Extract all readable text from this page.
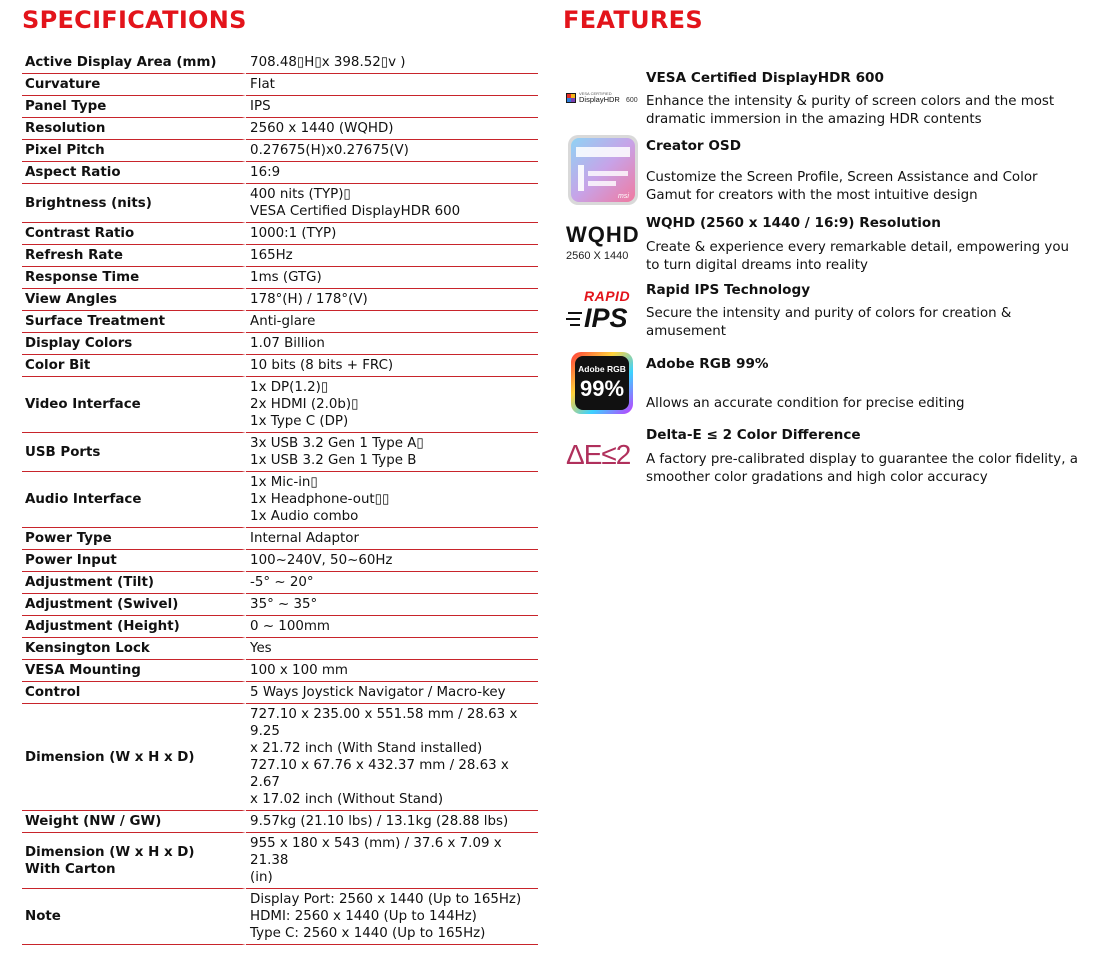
SPECIFICATIONS	FEATURES
Active Display Area (mm)	708.48▯H▯x 398.52▯v )

Curvature	Flat

Panel Type	IPS

Resolution	2560 x 1440 (WQHD)

Pixel Pitch	0.27675(H)x0.27675(V)

Aspect Ratio	16:9

Brightness (nits)	400 nits (TYP)▯
VESA Certified DisplayHDR 600

Contrast Ratio	1000:1 (TYP)

Refresh Rate	165Hz

Response Time	1ms (GTG)

View Angles	178°(H) / 178°(V)

Surface Treatment	Anti-glare

Display Colors	1.07 Billion

Color Bit	10 bits (8 bits + FRC)

Video Interface	1x DP(1.2)▯
2x HDMI (2.0b)▯
1x Type C (DP)

USB Ports	3x USB 3.2 Gen 1 Type A▯
1x USB 3.2 Gen 1 Type B

Audio Interface	1x Mic-in▯
1x Headphone-out▯▯
1x Audio combo

Power Type	Internal Adaptor

Power Input	100~240V, 50~60Hz

Adjustment (Tilt)	-5° ~ 20°

Adjustment (Swivel)	35° ~ 35°

Adjustment (Height)	0 ~ 100mm

Kensington Lock	Yes

VESA Mounting	100 x 100 mm

Control	5 Ways Joystick Navigator / Macro-key

Dimension (W x H x D)	727.10 x 235.00 x 551.58 mm / 28.63 x 9.25
x 21.72 inch (With Stand installed)
727.10 x 67.76 x 432.37 mm / 28.63 x 2.67
x 17.02 inch (Without Stand)

Weight (NW / GW)	9.57kg (21.10 lbs) / 13.1kg (28.88 lbs)

Dimension (W x H x D) With Carton	955 x 180 x 543 (mm) / 37.6 x 7.09 x 21.38
(in)

Note	Display Port: 2560 x 1440 (Up to 165Hz)
HDMI: 2560 x 1440 (Up to 144Hz)
Type C: 2560 x 1440 (Up to 165Hz)
VESA CERTIFIED
DisplayHDR 600
VESA Certified DisplayHDR 600
Enhance the intensity & purity of screen colors and the most dramatic immersion in the amazing HDR contents
msi
Creator OSD
Customize the Screen Profile, Screen Assistance and Color Gamut for creators with the most intuitive design
WQHD
2560 X 1440
WQHD (2560 x 1440 / 16:9) Resolution
Create & experience every remarkable detail, empowering you to turn digital dreams into reality
RAPID
IPS
Rapid IPS Technology
Secure the intensity and purity of colors for creation & amusement
Adobe RGB
99%
Adobe RGB 99%
Allows an accurate condition for precise editing
ΔE≤2
Delta-E ≤ 2 Color Difference
A factory pre-calibrated display to guarantee the color fidelity, a smoother color gradations and high color accuracy
